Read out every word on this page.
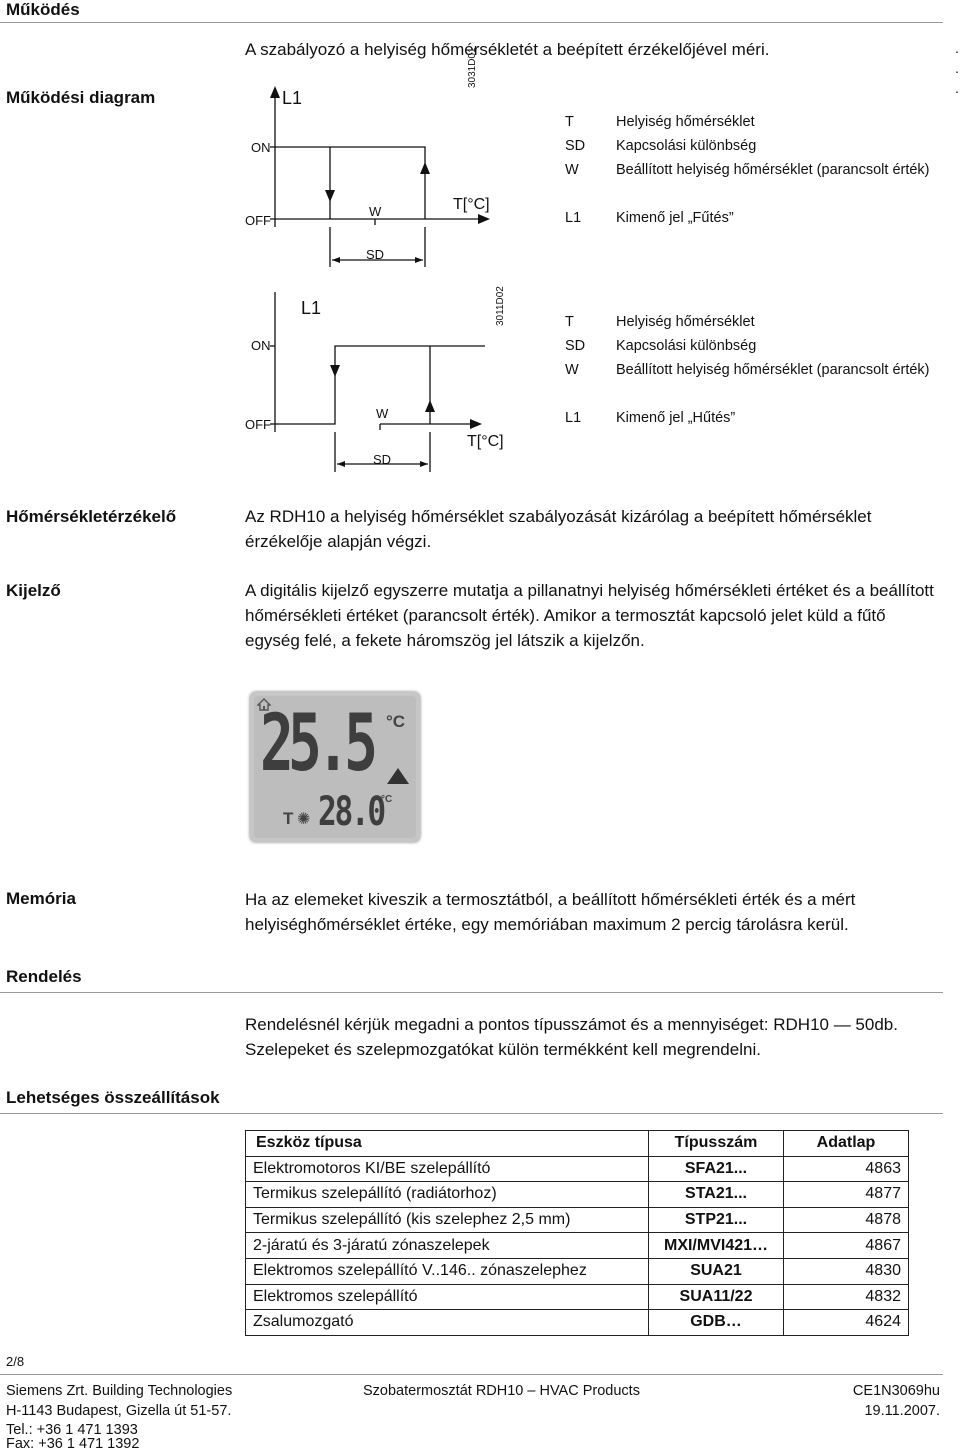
Működés
A szabályozó a helyiség hőmérsékletét a beépített érzékelőjével méri.	.
.
.
Működési diagram	L1
ON
OFF
W	T[°C]
SD
3031D01
T	Helyiség hőmérséklet
SD Kapcsolási különbség
W	Beállított helyiség hőmérséklet (parancsolt érték)
L1 Kimenő jel „Fűtés”
L1
ON
OFF
W
T[°C]
SD
3011D02	T	Helyiség hőmérséklet
SD Kapcsolási különbség
W	Beállított helyiség hőmérséklet (parancsolt érték)
L1 Kimenő jel „Hűtés”
Hőmérsékletérzékelő	Az RDH10 a helyiség hőmérséklet szabályozását kizárólag a beépített hőmérséklet érzékelője alapján végzi.
Kijelző	A digitális kijelző egyszerre mutatja a pillanatnyi helyiség hőmérsékleti értéket és a beállított hőmérsékleti értéket (parancsolt érték). Amikor a termosztát kapcsoló jelet küld a fűtő egység felé, a fekete háromszög jel látszik a kijelzőn.
25.5 °C
T ✺ 28.0
°C
Memória	Ha az elemeket kiveszik a termosztátból, a beállított hőmérsékleti érték és a mért helyiséghőmérséklet értéke, egy memóriában maximum 2 percig tárolásra kerül.
Rendelés
Rendelésnél kérjük megadni a pontos típusszámot és a mennyiséget: RDH10 — 50db. Szelepeket és szelepmozgatókat külön termékként kell megrendelni.
Lehetséges összeállítások
Eszköz típusa	Típusszám	Adatlap
Elektromotoros KI/BE szelepállító	SFA21...	4863
Termikus szelepállító (radiátorhoz)	STA21...	4877
Termikus szelepállító (kis szelephez 2,5 mm)	STP21...	4878
2-járatú és 3-járatú zónaszelepek	MXI/MVI421…	4867
Elektromos szelepállító V..146.. zónaszelephez	SUA21	4830
Elektromos szelepállító	SUA11/22	4832
Zsalumozgató	GDB…	4624
2/8
Siemens Zrt. Building Technologies
H-1143 Budapest, Gizella út 51-57.
Tel.: +36 1 471 1393
Fax: +36 1 471 1392
Szobatermosztát RDH10 – HVAC Products	CE1N3069hu
19.11.2007.
